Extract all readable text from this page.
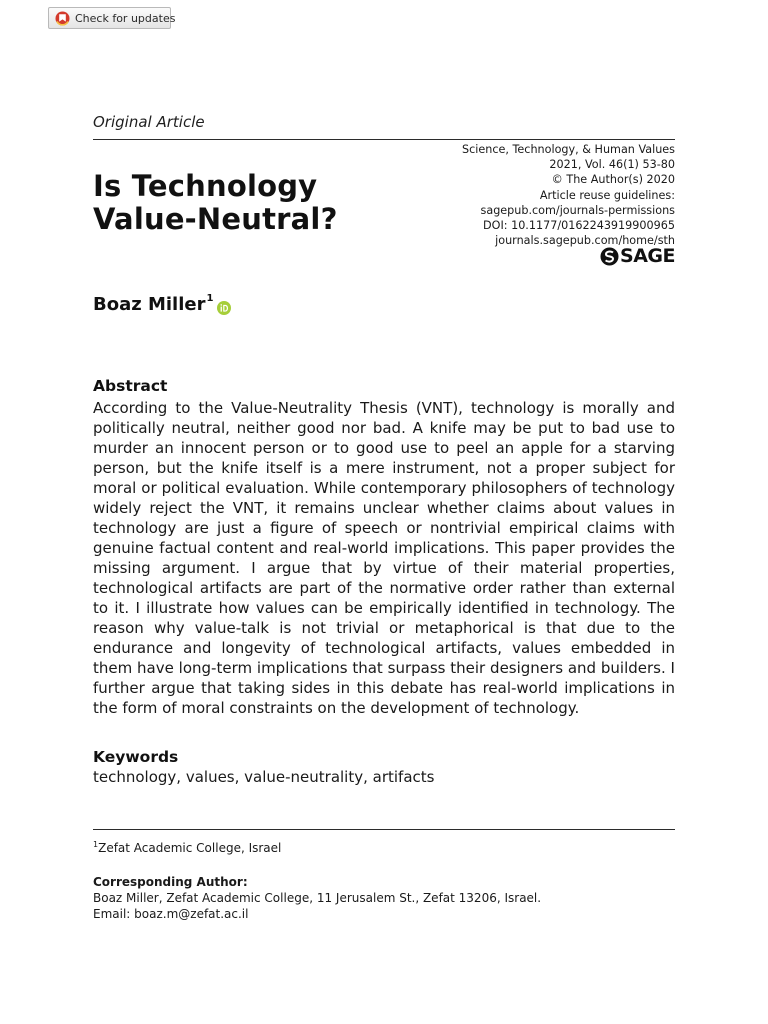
Check for updates
Original Article
Science, Technology, & Human Values
2021, Vol. 46(1) 53-80
© The Author(s) 2020
Article reuse guidelines:
sagepub.com/journals-permissions
DOI: 10.1177/0162243919900965
journals.sagepub.com/home/sth
SAGE
Is Technology
Value-Neutral?
Boaz Miller$^1$
Abstract
According to the Value-Neutrality Thesis (VNT), technology is morally and politically neutral, neither good nor bad. A knife may be put to bad use to murder an innocent person or to good use to peel an apple for a starving person, but the knife itself is a mere instrument, not a proper subject for moral or political evaluation. While contemporary philosophers of technology widely reject the VNT, it remains unclear whether claims about values in technology are just a figure of speech or nontrivial empirical claims with genuine factual content and real-world implications. This paper provides the missing argument. I argue that by virtue of their material properties, technological artifacts are part of the normative order rather than external to it. I illustrate how values can be empirically identified in technology. The reason why value-talk is not trivial or metaphorical is that due to the endurance and longevity of technological artifacts, values embedded in them have long-term implications that surpass their designers and builders. I further argue that taking sides in this debate has real-world implications in the form of moral constraints on the development of technology.
Keywords
technology, values, value-neutrality, artifacts
$^1$Zefat Academic College, Israel
Corresponding Author:
Boaz Miller, Zefat Academic College, 11 Jerusalem St., Zefat 13206, Israel.
Email: boaz.m@zefat.ac.il
